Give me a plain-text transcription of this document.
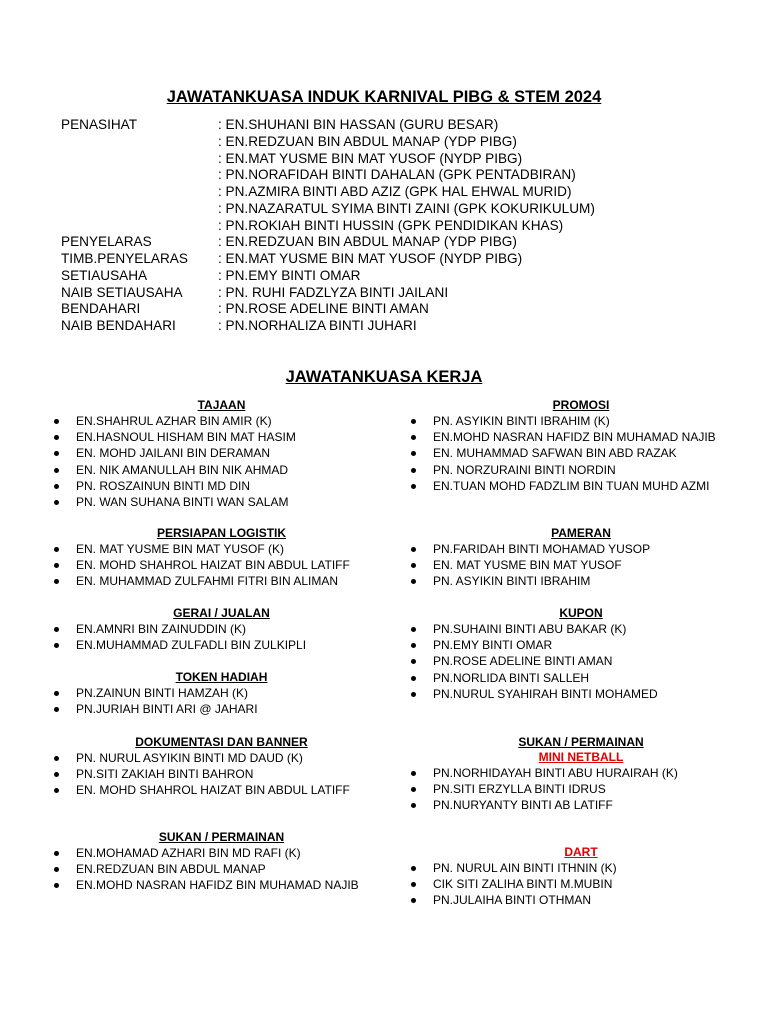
JAWATANKUASA INDUK KARNIVAL PIBG & STEM 2024
PENASIHAT	: EN.SHUHANI BIN HASSAN (GURU BESAR)
: EN.REDZUAN BIN ABDUL MANAP (YDP PIBG)
: EN.MAT YUSME BIN MAT YUSOF (NYDP PIBG)
: PN.NORAFIDAH BINTI DAHALAN (GPK PENTADBIRAN)
: PN.AZMIRA BINTI ABD AZIZ (GPK HAL EHWAL MURID)
: PN.NAZARATUL SYIMA BINTI ZAINI (GPK KOKURIKULUM)
: PN.ROKIAH BINTI HUSSIN (GPK PENDIDIKAN KHAS)
PENYELARAS	: EN.REDZUAN BIN ABDUL MANAP (YDP PIBG)
TIMB.PENYELARAS	: EN.MAT YUSME BIN MAT YUSOF (NYDP PIBG)
SETIAUSAHA	: PN.EMY BINTI OMAR
NAIB SETIAUSAHA	: PN. RUHI FADZLYZA BINTI JAILANI
BENDAHARI	: PN.ROSE ADELINE BINTI AMAN
NAIB BENDAHARI	: PN.NORHALIZA BINTI JUHARI
JAWATANKUASA KERJA
TAJAAN
EN.SHAHRUL AZHAR BIN AMIR (K)
EN.HASNOUL HISHAM BIN MAT HASIM
EN. MOHD JAILANI BIN DERAMAN
EN. NIK AMANULLAH BIN NIK AHMAD
PN. ROSZAINUN BINTI MD DIN
PN. WAN SUHANA BINTI WAN SALAM
PERSIAPAN LOGISTIK
EN. MAT YUSME BIN MAT YUSOF (K)
EN. MOHD SHAHROL HAIZAT BIN ABDUL LATIFF
EN. MUHAMMAD ZULFAHMI FITRI BIN ALIMAN
GERAI / JUALAN
EN.AMNRI BIN ZAINUDDIN (K)
EN.MUHAMMAD ZULFADLI BIN ZULKIPLI
TOKEN HADIAH
PN.ZAINUN BINTI HAMZAH (K)
PN.JURIAH BINTI ARI @ JAHARI
DOKUMENTASI DAN BANNER
PN. NURUL ASYIKIN BINTI MD DAUD (K)
PN.SITI ZAKIAH BINTI BAHRON
EN. MOHD SHAHROL HAIZAT BIN ABDUL LATIFF
SUKAN / PERMAINAN
EN.MOHAMAD AZHARI BIN MD RAFI (K)
EN.REDZUAN BIN ABDUL MANAP
EN.MOHD NASRAN HAFIDZ BIN MUHAMAD NAJIB
PROMOSI
PN. ASYIKIN BINTI IBRAHIM (K)
EN.MOHD NASRAN HAFIDZ BIN MUHAMAD NAJIB
EN. MUHAMMAD SAFWAN BIN ABD RAZAK
PN. NORZURAINI BINTI NORDIN
EN.TUAN MOHD FADZLIM BIN TUAN MUHD AZMI
PAMERAN
PN.FARIDAH BINTI MOHAMAD YUSOP
EN. MAT YUSME BIN MAT YUSOF
PN. ASYIKIN BINTI IBRAHIM
KUPON
PN.SUHAINI BINTI ABU BAKAR (K)
PN.EMY BINTI OMAR
PN.ROSE ADELINE BINTI AMAN
PN.NORLIDA BINTI SALLEH
PN.NURUL SYAHIRAH BINTI MOHAMED
SUKAN / PERMAINAN
MINI NETBALL
PN.NORHIDAYAH BINTI ABU HURAIRAH (K)
PN.SITI ERZYLLA BINTI IDRUS
PN.NURYANTY BINTI AB LATIFF
DART
PN. NURUL AIN BINTI ITHNIN (K)
CIK SITI ZALIHA BINTI M.MUBIN
PN.JULAIHA BINTI OTHMAN
